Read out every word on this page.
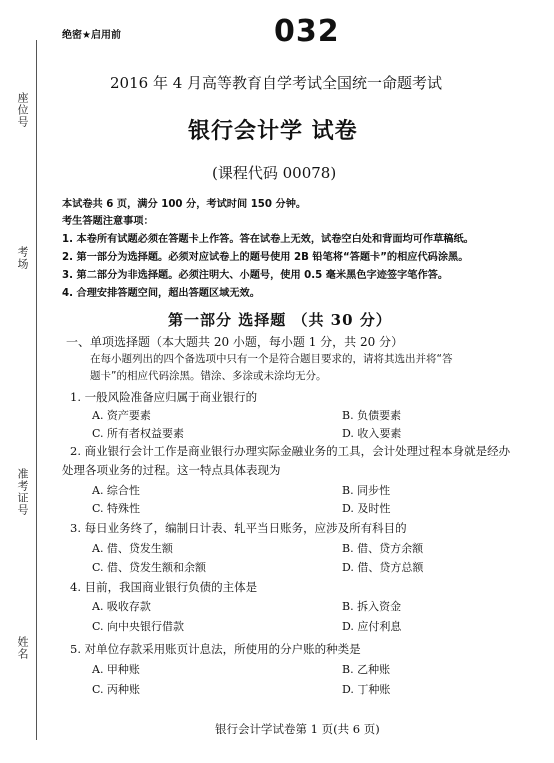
座位号
考场
准考证号
姓名
绝密★启用前	032
2016 年 4 月高等教育自学考试全国统一命题考试
银行会计学 试卷
(课程代码 00078)
本试卷共 6 页，满分 100 分，考试时间 150 分钟。
考生答题注意事项：
1. 本卷所有试题必须在答题卡上作答。答在试卷上无效，试卷空白处和背面均可作草稿纸。
2. 第一部分为选择题。必须对应试卷上的题号使用 2B 铅笔将“答题卡”的相应代码涂黑。
3. 第二部分为非选择题。必须注明大、小题号，使用 0.5 毫米黑色字迹签字笔作答。
4. 合理安排答题空间，超出答题区域无效。
第一部分 选择题 （共 30 分）
一、单项选择题（本大题共 20 小题，每小题 1 分，共 20 分）
在每小题列出的四个备选项中只有一个是符合题目要求的，请将其选出并将“答
题卡”的相应代码涂黑。错涂、多涂或未涂均无分。
1. 一般风险准备应归属于商业银行的
A. 资产要素	B. 负债要素
C. 所有者权益要素	D. 收入要素
2. 商业银行会计工作是商业银行办理实际金融业务的工具，会计处理过程本身就是经办
处理各项业务的过程。这一特点具体表现为
A. 综合性	B. 同步性
C. 特殊性	D. 及时性
3. 每日业务终了，编制日计表、轧平当日账务，应涉及所有科目的
A. 借、贷发生额	B. 借、贷方余额
C. 借、贷发生额和余额	D. 借、贷方总额
4. 目前，我国商业银行负债的主体是
A. 吸收存款	B. 拆入资金
C. 向中央银行借款	D. 应付利息
5. 对单位存款采用账页计息法，所使用的分户账的种类是
A. 甲种账	B. 乙种账
C. 丙种账	D. 丁种账
银行会计学试卷第 1 页(共 6 页)
